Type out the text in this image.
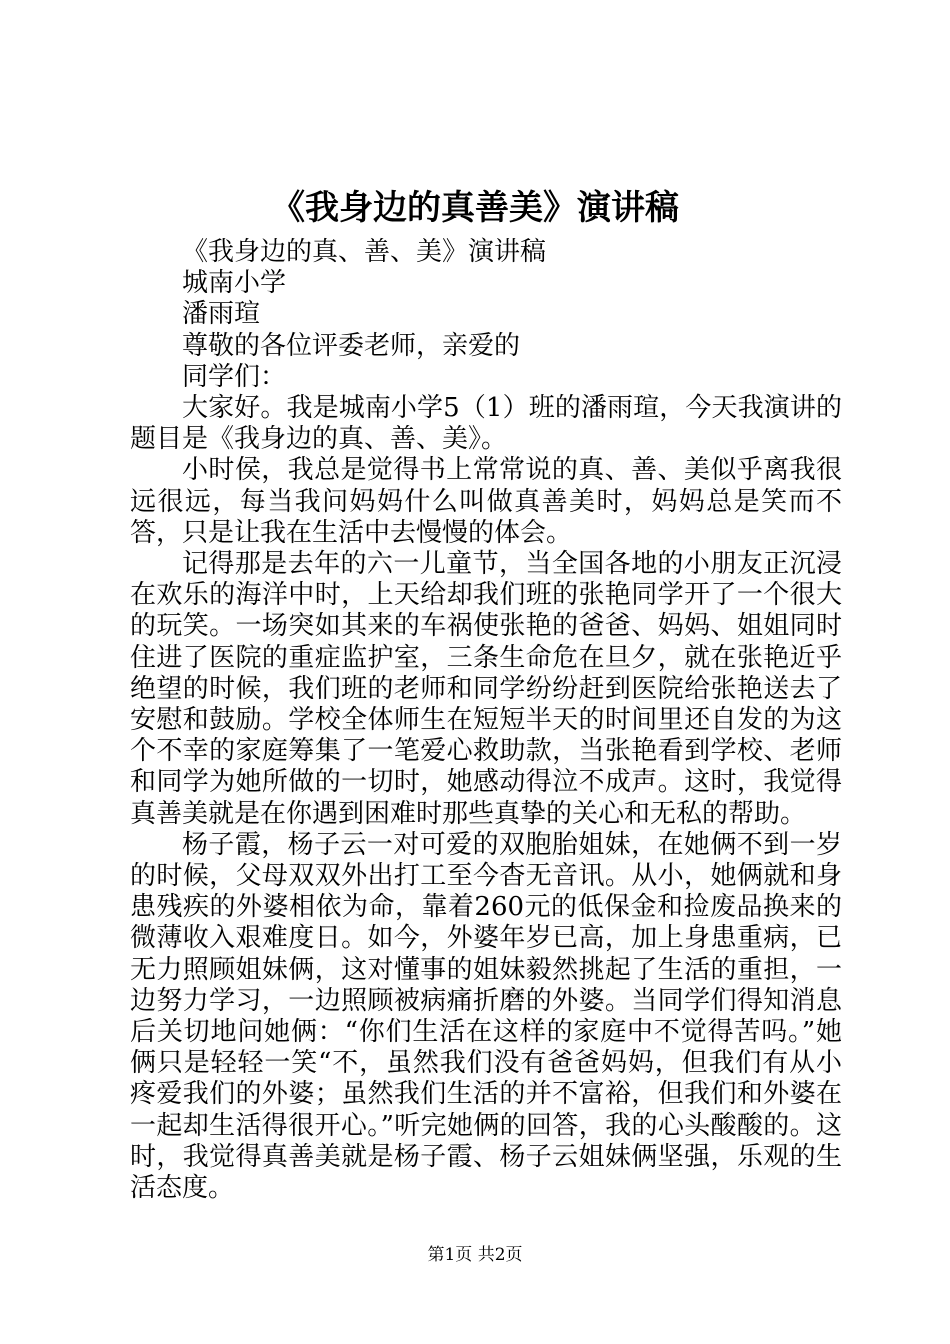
《我身边的真善美》演讲稿

《我身边的真、善、美》演讲稿

城南小学

潘雨瑄

尊敬的各位评委老师，亲爱的

同学们：

大家好。我是城南小学5（1）班的潘雨瑄，今天我演讲的题目是《我身边的真、善、美》。

小时侯，我总是觉得书上常常说的真、善、美似乎离我很远很远，每当我问妈妈什么叫做真善美时，妈妈总是笑而不答，只是让我在生活中去慢慢的体会。

记得那是去年的六一儿童节，当全国各地的小朋友正沉浸在欢乐的海洋中时，上天给却我们班的张艳同学开了一个很大的玩笑。一场突如其来的车祸使张艳的爸爸、妈妈、姐姐同时住进了医院的重症监护室，三条生命危在旦夕，就在张艳近乎绝望的时候，我们班的老师和同学纷纷赶到医院给张艳送去了安慰和鼓励。学校全体师生在短短半天的时间里还自发的为这个不幸的家庭筹集了一笔爱心救助款，当张艳看到学校、老师和同学为她所做的一切时，她感动得泣不成声。这时，我觉得真善美就是在你遇到困难时那些真挚的关心和无私的帮助。

杨子霞，杨子云一对可爱的双胞胎姐妹，在她俩不到一岁的时候，父母双双外出打工至今杳无音讯。从小，她俩就和身患残疾的外婆相依为命，靠着260元的低保金和捡废品换来的微薄收入艰难度日。如今，外婆年岁已高，加上身患重病，已无力照顾姐妹俩，这对懂事的姐妹毅然挑起了生活的重担，一边努力学习，一边照顾被病痛折磨的外婆。当同学们得知消息后关切地问她俩：“你们生活在这样的家庭中不觉得苦吗。”她俩只是轻轻一笑“不，虽然我们没有爸爸妈妈，但我们有从小疼爱我们的外婆；虽然我们生活的并不富裕，但我们和外婆在一起却生活得很开心。”听完她俩的回答，我的心头酸酸的。这时，我觉得真善美就是杨子霞、杨子云姐妹俩坚强，乐观的生活态度。

第1页 共2页
